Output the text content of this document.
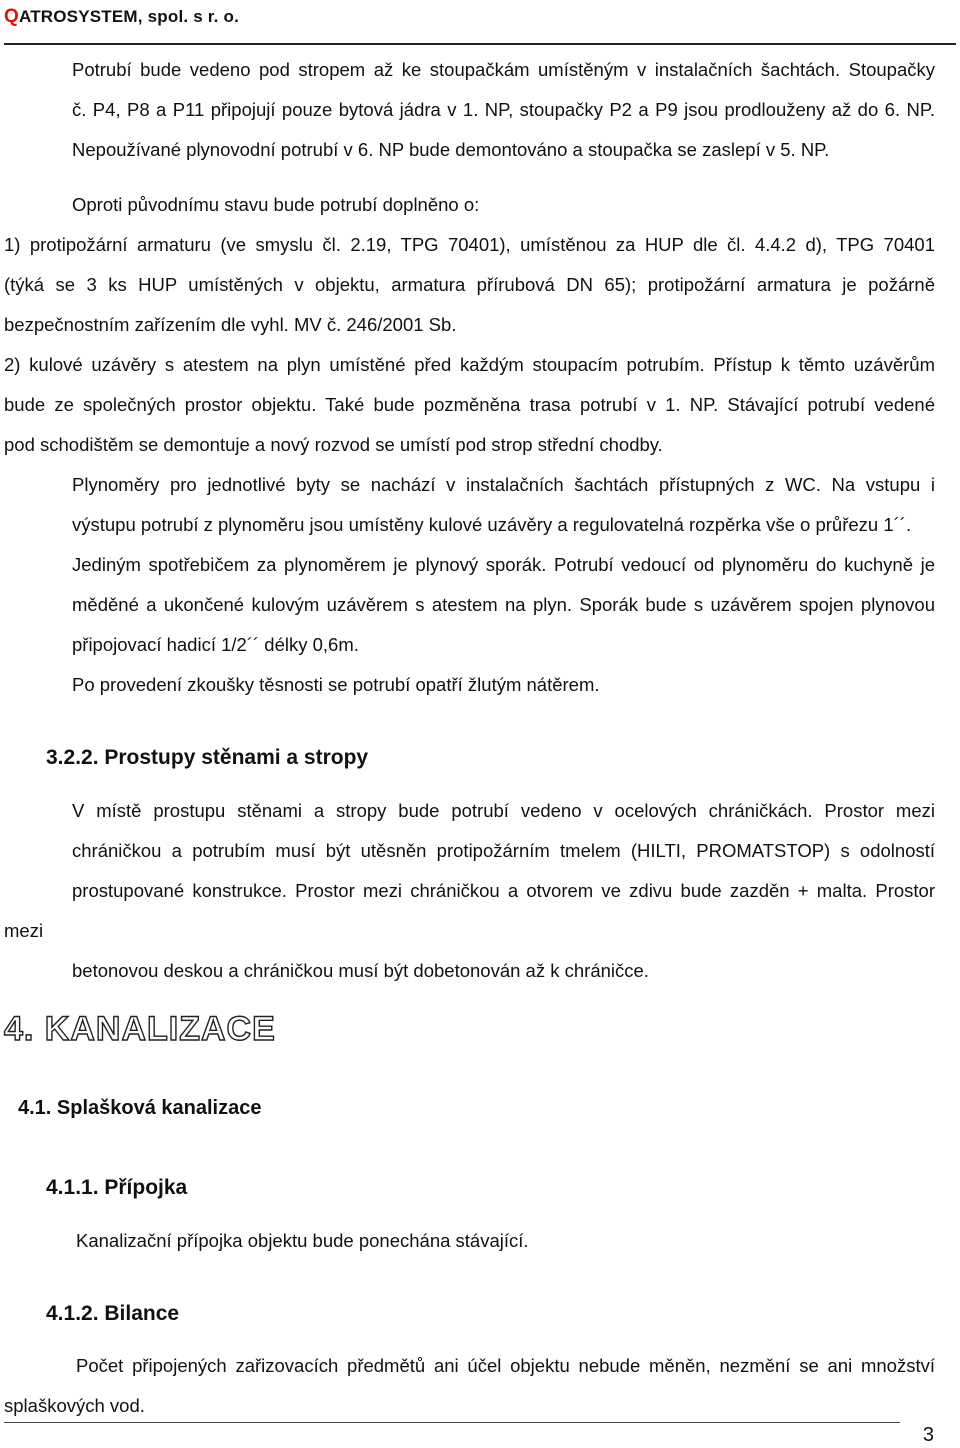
QATROSYSTEM, spol. s r. o.
Potrubí bude vedeno pod stropem až ke stoupačkám umístěným v instalačních šachtách. Stoupačky
č. P4, P8 a P11 připojují pouze bytová jádra v 1. NP, stoupačky P2 a P9 jsou prodlouženy až do 6. NP.
Nepoužívané plynovodní potrubí v 6. NP bude demontováno a stoupačka se zaslepí v 5. NP.
Oproti původnímu stavu bude potrubí doplněno o:
1) protipožární armaturu (ve smyslu čl. 2.19, TPG 70401), umístěnou za HUP dle čl. 4.4.2 d), TPG 70401
(týká se 3 ks HUP umístěných v objektu, armatura přírubová DN 65); protipožární armatura je požárně
bezpečnostním zařízením dle vyhl. MV č. 246/2001 Sb.
2) kulové uzávěry s atestem na plyn umístěné před každým stoupacím potrubím. Přístup k těmto uzávěrům
bude ze společných prostor objektu. Také bude pozměněna trasa potrubí v 1. NP. Stávající potrubí vedené
pod schodištěm se demontuje a nový rozvod se umístí pod strop střední chodby.
Plynoměry pro jednotlivé byty se nachází v instalačních šachtách přístupných z WC. Na vstupu i
výstupu potrubí z plynoměru jsou umístěny kulové uzávěry a regulovatelná rozpěrka vše o průřezu 1´´.
Jediným spotřebičem za plynoměrem je plynový sporák. Potrubí vedoucí od plynoměru do kuchyně je
měděné a ukončené kulovým uzávěrem s atestem na plyn. Sporák bude s uzávěrem spojen plynovou
připojovací hadicí 1/2´´ délky 0,6m.
Po provedení zkoušky těsnosti se potrubí opatří žlutým nátěrem.
3.2.2. Prostupy stěnami a stropy
V místě prostupu stěnami a stropy bude potrubí vedeno v ocelových chráničkách. Prostor mezi
chráničkou a potrubím musí být utěsněn protipožárním tmelem (HILTI, PROMATSTOP) s odolností
prostupované konstrukce. Prostor mezi chráničkou a otvorem ve zdivu bude zazděn + malta. Prostor mezi
betonovou deskou a chráničkou musí být dobetonován až k chráničce.
4. KANALIZACE
4.1. Splašková kanalizace
4.1.1. Přípojka
Kanalizační přípojka objektu bude ponechána stávající.
4.1.2. Bilance
Počet připojených zařizovacích předmětů ani účel objektu nebude měněn, nezmění se ani množství
splaškových vod.
3
